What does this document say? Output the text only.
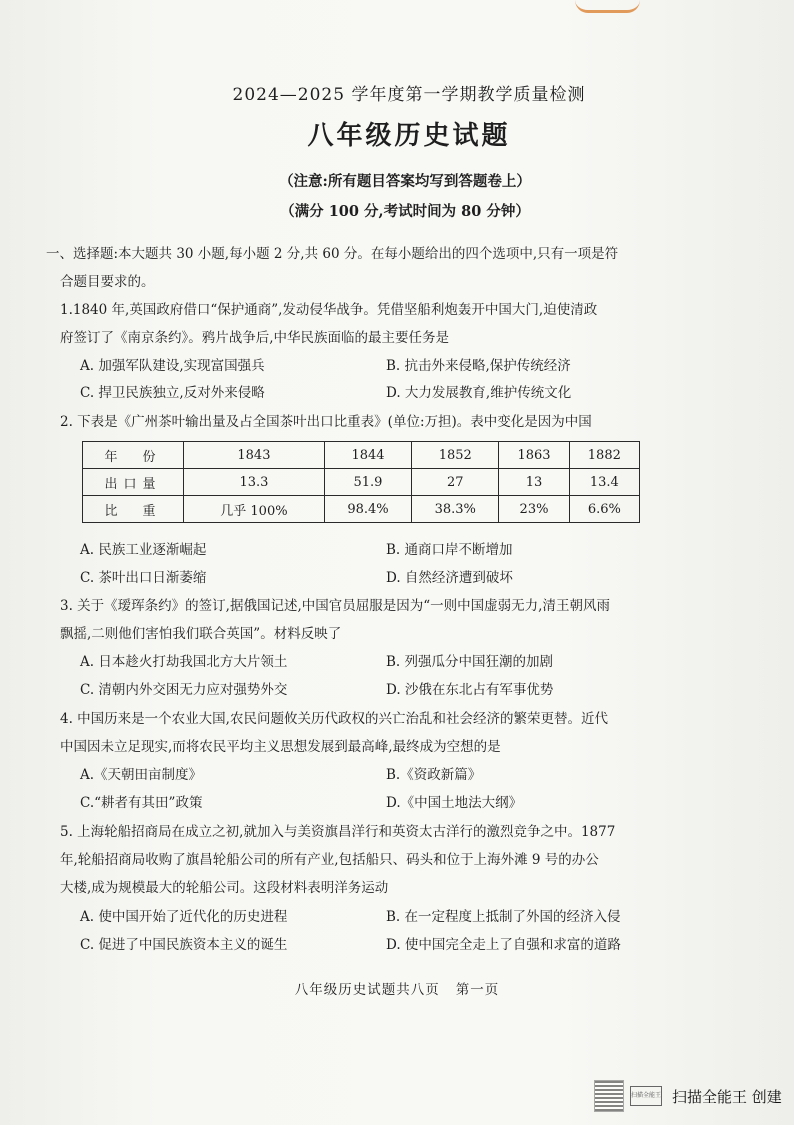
2024—2025 学年度第一学期教学质量检测
八年级历史试题
（注意:所有题目答案均写到答题卷上）
（满分 100 分,考试时间为 80 分钟）
一、选择题:本大题共 30 小题,每小题 2 分,共 60 分。在每小题给出的四个选项中,只有一项是符
合题目要求的。
1.1840 年,英国政府借口“保护通商”,发动侵华战争。凭借坚船利炮轰开中国大门,迫使清政
府签订了《南京条约》。鸦片战争后,中华民族面临的最主要任务是
A. 加强军队建设,实现富国强兵	B. 抗击外来侵略,保护传统经济
C. 捍卫民族独立,反对外来侵略	D. 大力发展教育,维护传统文化
2. 下表是《广州茶叶输出量及占全国茶叶出口比重表》(单位:万担)。表中变化是因为中国
年　份	1843	1844	1852	1863	1882
出口量	13.3	51.9	27	13	13.4
比　重	几乎 100%	98.4%	38.3%	23%	6.6%
A. 民族工业逐渐崛起	B. 通商口岸不断增加
C. 茶叶出口日渐萎缩	D. 自然经济遭到破坏
3. 关于《瑷珲条约》的签订,据俄国记述,中国官员屈服是因为“一则中国虚弱无力,清王朝风雨
飘摇,二则他们害怕我们联合英国”。材料反映了
A. 日本趁火打劫我国北方大片领土	B. 列强瓜分中国狂潮的加剧
C. 清朝内外交困无力应对强势外交	D. 沙俄在东北占有军事优势
4. 中国历来是一个农业大国,农民问题攸关历代政权的兴亡治乱和社会经济的繁荣更替。近代
中国因未立足现实,而将农民平均主义思想发展到最高峰,最终成为空想的是
A.《天朝田亩制度》	B.《资政新篇》
C.“耕者有其田”政策	D.《中国土地法大纲》
5. 上海轮船招商局在成立之初,就加入与美资旗昌洋行和英资太古洋行的激烈竞争之中。1877
年,轮船招商局收购了旗昌轮船公司的所有产业,包括船只、码头和位于上海外滩 9 号的办公
大楼,成为规模最大的轮船公司。这段材料表明洋务运动
A. 使中国开始了近代化的历史进程	B. 在一定程度上抵制了外国的经济入侵
C. 促进了中国民族资本主义的诞生	D. 使中国完全走上了自强和求富的道路
八年级历史试题共八页 第一页
扫描全能王 扫描全能王 创建
